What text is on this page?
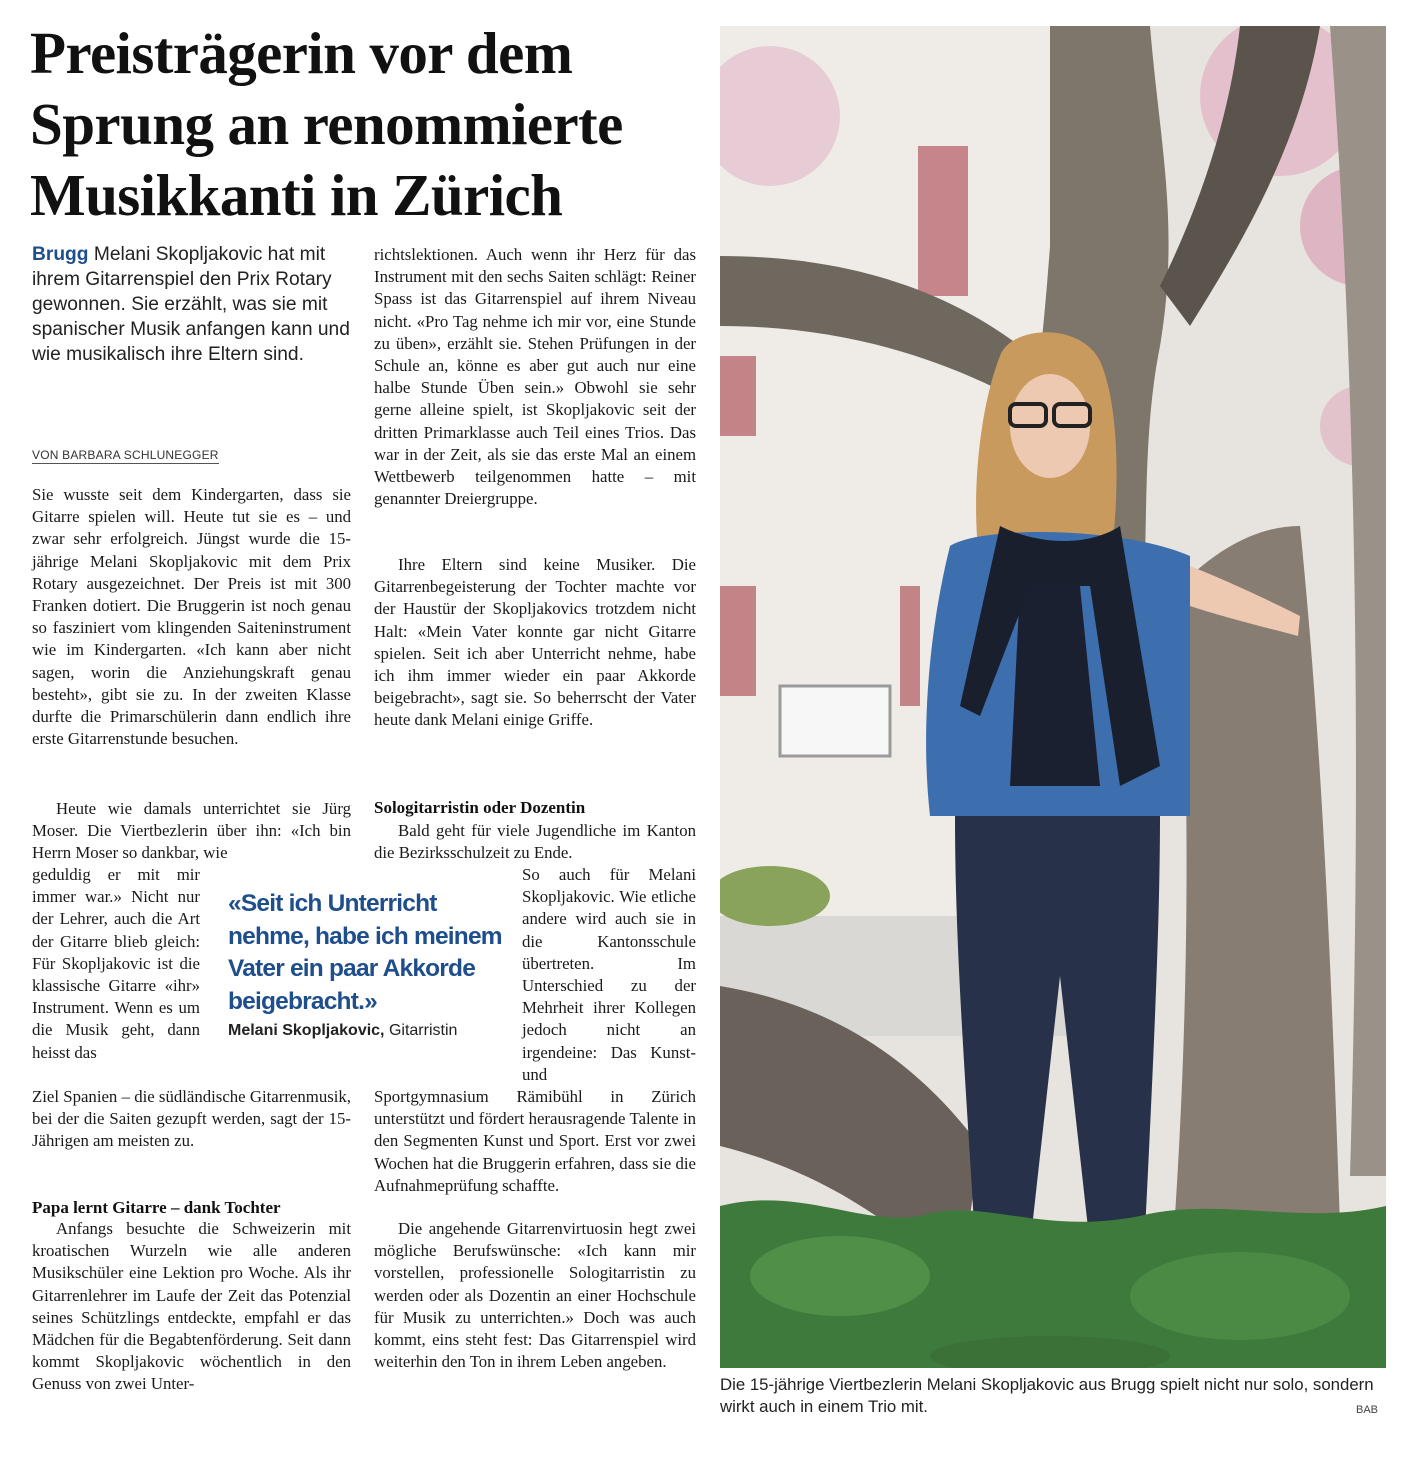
Preisträgerin vor dem Sprung an renommierte Musikkanti in Zürich

Brugg Melani Skopljakovic hat mit ihrem Gitarrenspiel den Prix Rotary gewonnen. Sie erzählt, was sie mit spanischer Musik anfangen kann und wie musikalisch ihre Eltern sind.

VON BARBARA SCHLUNEGGER

Sie wusste seit dem Kindergarten, dass sie Gitarre spielen will. Heute tut sie es – und zwar sehr erfolgreich. Jüngst wurde die 15-jährige Melani Skopljakovic mit dem Prix Rotary ausgezeichnet. Der Preis ist mit 300 Franken dotiert. Die Bruggerin ist noch genau so fasziniert vom klingenden Saiteninstrument wie im Kindergarten. «Ich kann aber nicht sagen, worin die Anziehungskraft genau besteht», gibt sie zu. In der zweiten Klasse durfte die Primarschülerin dann endlich ihre erste Gitarrenstunde besuchen.

Heute wie damals unterrichtet sie Jürg Moser. Die Viertbezlerin über ihn: «Ich bin Herrn Moser so dankbar, wie

geduldig er mit mir immer war.» Nicht nur der Lehrer, auch die Art der Gitarre blieb gleich: Für Skopljakovic ist die klassische Gitarre «ihr» Instrument. Wenn es um die Musik geht, dann heisst das

Ziel Spanien – die südländische Gitarrenmusik, bei der die Saiten gezupft werden, sagt der 15-Jährigen am meisten zu.

Papa lernt Gitarre – dank Tochter

Anfangs besuchte die Schweizerin mit kroatischen Wurzeln wie alle anderen Musikschüler eine Lektion pro Woche. Als ihr Gitarrenlehrer im Laufe der Zeit das Potenzial seines Schützlings entdeckte, empfahl er das Mädchen für die Begabtenförderung. Seit dann kommt Skopljakovic wöchentlich in den Genuss von zwei Unter-

«Seit ich Unterricht nehme, habe ich meinem Vater ein paar Akkorde beigebracht.»

Melani Skopljakovic, Gitarristin

richtslektionen. Auch wenn ihr Herz für das Instrument mit den sechs Saiten schlägt: Reiner Spass ist das Gitarrenspiel auf ihrem Niveau nicht. «Pro Tag nehme ich mir vor, eine Stunde zu üben», erzählt sie. Stehen Prüfungen in der Schule an, könne es aber gut auch nur eine halbe Stunde Üben sein.» Obwohl sie sehr gerne alleine spielt, ist Skopljakovic seit der dritten Primarklasse auch Teil eines Trios. Das war in der Zeit, als sie das erste Mal an einem Wettbewerb teilgenommen hatte – mit genannter Dreiergruppe.

Ihre Eltern sind keine Musiker. Die Gitarrenbegeisterung der Tochter machte vor der Haustür der Skopljakovics trotzdem nicht Halt: «Mein Vater konnte gar nicht Gitarre spielen. Seit ich aber Unterricht nehme, habe ich ihm immer wieder ein paar Akkorde beigebracht», sagt sie. So beherrscht der Vater heute dank Melani einige Griffe.

Sologitarristin oder Dozentin

Bald geht für viele Jugendliche im Kanton die Bezirksschulzeit zu Ende.

So auch für Melani Skopljakovic. Wie etliche andere wird auch sie in die Kantonsschule übertreten. Im Unterschied zu der Mehrheit ihrer Kollegen jedoch nicht an irgendeine: Das Kunst- und

Sportgymnasium Rämibühl in Zürich unterstützt und fördert herausragende Talente in den Segmenten Kunst und Sport. Erst vor zwei Wochen hat die Bruggerin erfahren, dass sie die Aufnahmeprüfung schaffte.

Die angehende Gitarrenvirtuosin hegt zwei mögliche Berufswünsche: «Ich kann mir vorstellen, professionelle Sologitarristin zu werden oder als Dozentin an einer Hochschule für Musik zu unterrichten.» Doch was auch kommt, eins steht fest: Das Gitarrenspiel wird weiterhin den Ton in ihrem Leben angeben.

Die 15-jährige Viertbezlerin Melani Skopljakovic aus Brugg spielt nicht nur solo, sondern wirkt auch in einem Trio mit.	BAB
